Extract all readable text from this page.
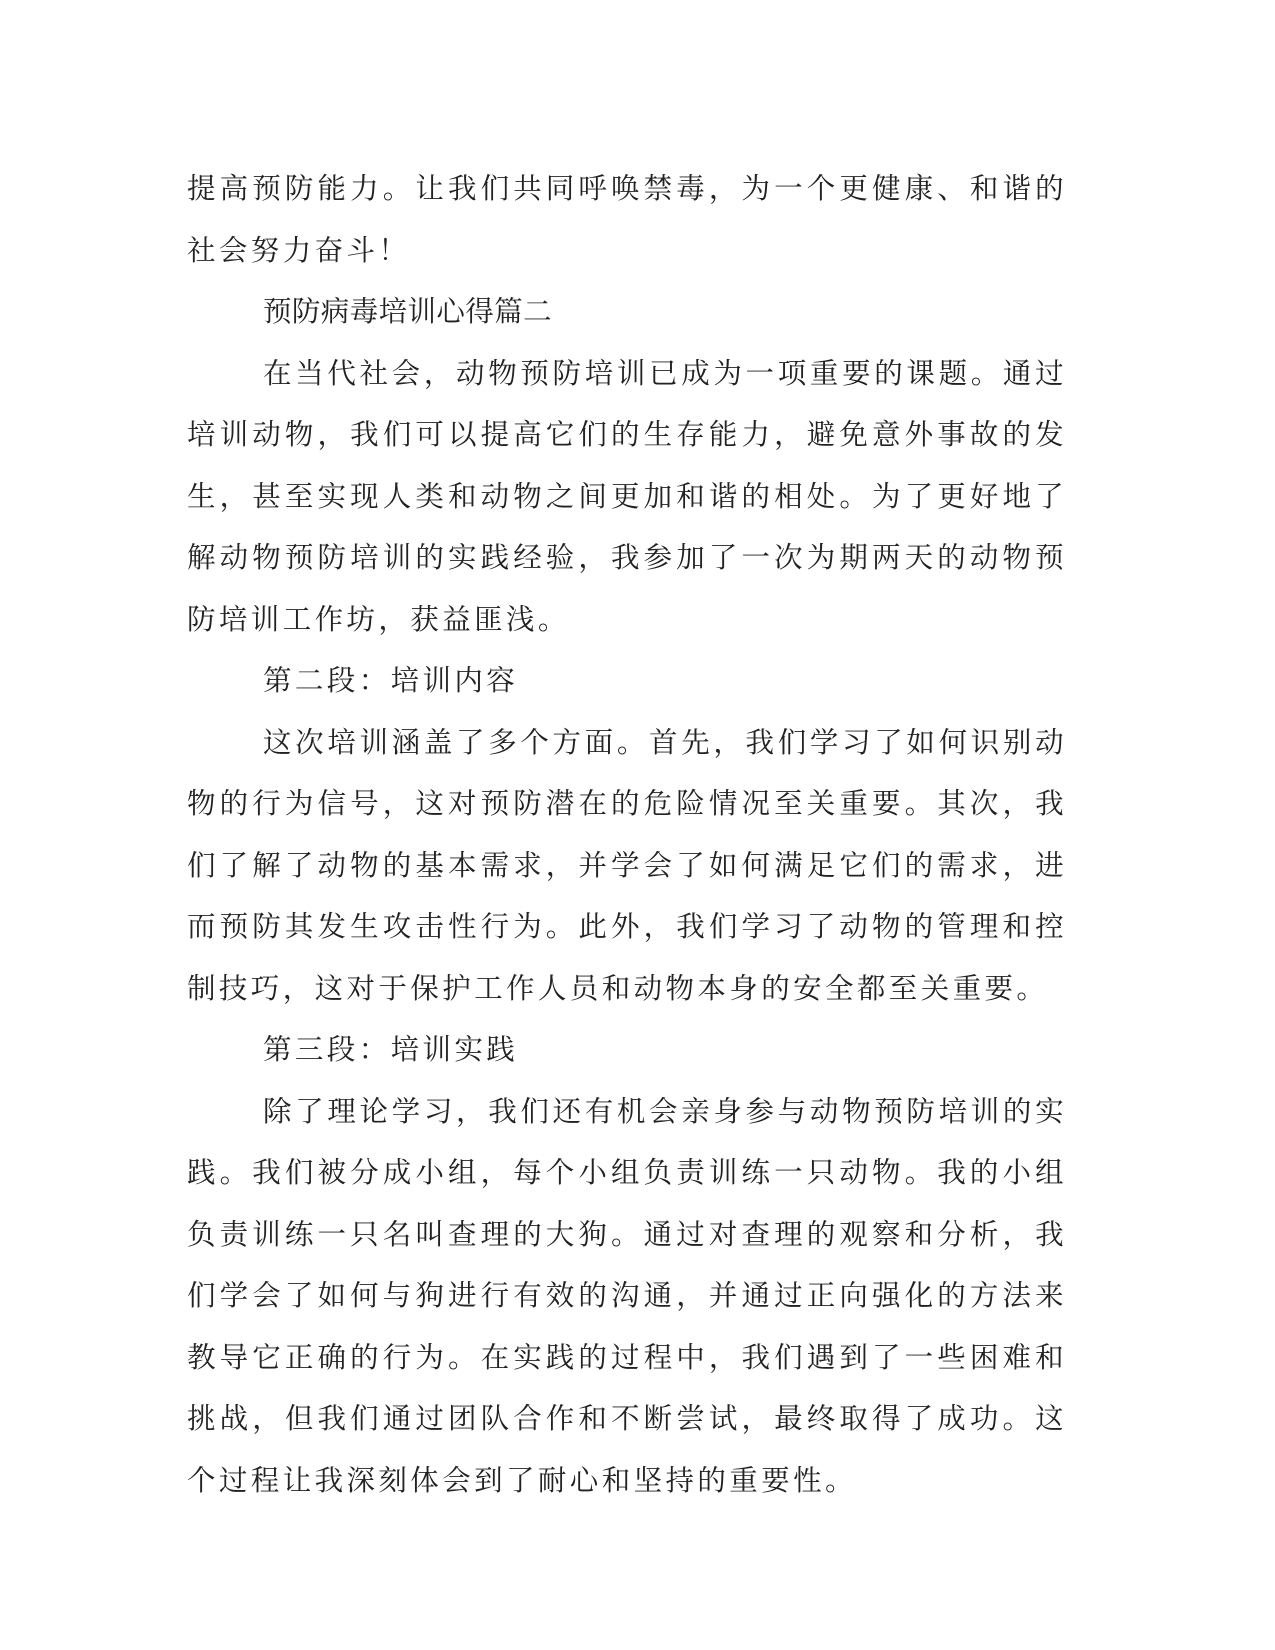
提高预防能力。让我们共同呼唤禁毒，为一个更健康、和谐的社会努力奋斗！

预防病毒培训心得篇二

在当代社会，动物预防培训已成为一项重要的课题。通过培训动物，我们可以提高它们的生存能力，避免意外事故的发生，甚至实现人类和动物之间更加和谐的相处。为了更好地了解动物预防培训的实践经验，我参加了一次为期两天的动物预防培训工作坊，获益匪浅。

第二段：培训内容

这次培训涵盖了多个方面。首先，我们学习了如何识别动物的行为信号，这对预防潜在的危险情况至关重要。其次，我们了解了动物的基本需求，并学会了如何满足它们的需求，进而预防其发生攻击性行为。此外，我们学习了动物的管理和控制技巧，这对于保护工作人员和动物本身的安全都至关重要。

第三段：培训实践

除了理论学习，我们还有机会亲身参与动物预防培训的实践。我们被分成小组，每个小组负责训练一只动物。我的小组负责训练一只名叫查理的大狗。通过对查理的观察和分析，我们学会了如何与狗进行有效的沟通，并通过正向强化的方法来教导它正确的行为。在实践的过程中，我们遇到了一些困难和挑战，但我们通过团队合作和不断尝试，最终取得了成功。这个过程让我深刻体会到了耐心和坚持的重要性。
